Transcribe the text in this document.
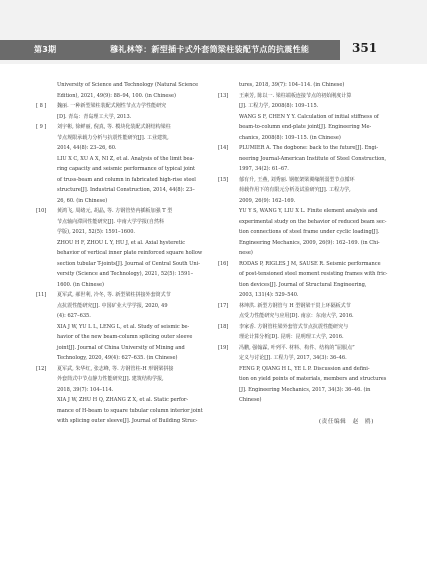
第3期	穆礼林等：新型插卡式外套筒梁柱装配节点的抗震性能	351
University of Science and Technology (Natural Science
Edition), 2021, 49(9): 88–94, 100. (in Chinese)
[ 8 ] 魏丽. 一种新型梁柱装配式刚性节点力学性能研究
[D]. 青岛：青岛理工大学, 2013.
[ 9 ] 刘宇彬, 徐鲜丽, 倪真, 等. 模块化装配式钢结构梁柱
节点规限承载力分析与抗震性能研究[J]. 工业建筑,
2014, 44(8): 23–26, 60.
LIU X C, XU A X, NI Z, et al. Analysis of the limit bea-
ring capacity and seismic performance of typical joint
of truss-beam and column in fabricated high-rise steel
structure[J]. Industrial Construction, 2014, 44(8): 23–
26, 60. (in Chinese)
[10] 黄鸿飞, 周绪元, 胡晶, 等. 方钢管垫内插板加强 T 型
节点轴向滞回性能研究[J]. 中南大学学报(自然科
学版), 2021, 52(5): 1591–1600.
ZHOU H F, ZHOU L Y, HU J, et al. Axial hysteretic
behavior of vertical inner plate reinforced square hollow
section tubular T-joints[J]. Journal of Central South Uni-
versity (Science and Technology), 2021, 52(5): 1591–
1600. (in Chinese)
[11] 夏军武, 郝世利, 冷冬, 等. 新型梁柱拼接外套筒式节
点抗震性能研究[J]. 中国矿业大学学报, 2020, 49
(4): 627–635.
XIA J W, YU L L, LENG L, et al. Study of seismic be-
havior of the new beam-column splicing outer sleeve
joint[J]. Journal of China University of Mining and
Technology, 2020, 49(4): 627–635. (in Chinese)
[12] 夏军武, 朱华红, 张志峰, 等. 方钢管柱-H 形钢梁拼接
外套筒式中节点静力性能研究[J]. 建筑结构学报,
2018, 39(7): 104–114.
XIA J W, ZHU H Q, ZHANG Z X, et al. Static perfor-
mance of H-beam to square tubular column interior joint
with splicing outer sleeve[J]. Journal of Building Struc-
tures, 2018, 39(7): 104–114. (in Chinese)
[13] 王素芳, 陈以一. 梁柱端板连接节点的初始刚度计算
[J]. 工程力学, 2008(8): 109–115.
WANG S F, CHEN Y Y. Calculation of initial stiffness of
beam-to-column end-plate joint[J]. Engineering Me-
chanics, 2008(8): 109–115. (in Chinese)
[14] PLUMIER A. The dogbone: back to the future[J]. Engi-
neering Journal-American Institute of Steel Construction,
1997, 34(2): 61–67.
[15] 郁有升, 王燕, 刘秀丽. 钢框架梁翼缘削弱型节点循环
荷载作用下的有限元分析及试验研究[J]. 工程力学,
2009, 26(9): 162–169.
YU Y S, WANG Y, LIU X L. Finite element analysis and
experimental study on the behavior of reduced beam sec-
tion connections of steel frame under cyclic loading[J].
Engineering Mechanics, 2009, 26(9): 162–169. (in Chi-
nese)
[16] RODAS P, RIGLES J M, SAUSE R. Seismic performance
of post-tensioned steel moment resisting frames with fric-
tion devices[J]. Journal of Structural Engineering,
2003, 131(4): 529–540.
[17] 林坤洪. 新型方钢管与 H 型钢梁干贯上环隔板式节
点受力性能研究与应用[D]. 南京：东南大学, 2016.
[18] 李家香. 方钢管柱梁外套管式节点抗震性能研究与
理论计算分析[D]. 昆明：昆明理工大学, 2016.
[19] 冯鹏, 强翰霖, 叶列平. 材料、构件、结构的“屈服点”
定义与讨论[J]. 工程力学, 2017, 34(3): 36–46.
FENG P, QIANG H L, YE L P. Discussion and defini-
tion on yield points of materials, members and structures
[J]. Engineering Mechanics, 2017, 34(3): 36–46. (in
Chinese)
(责任编辑　赵　鸥)
